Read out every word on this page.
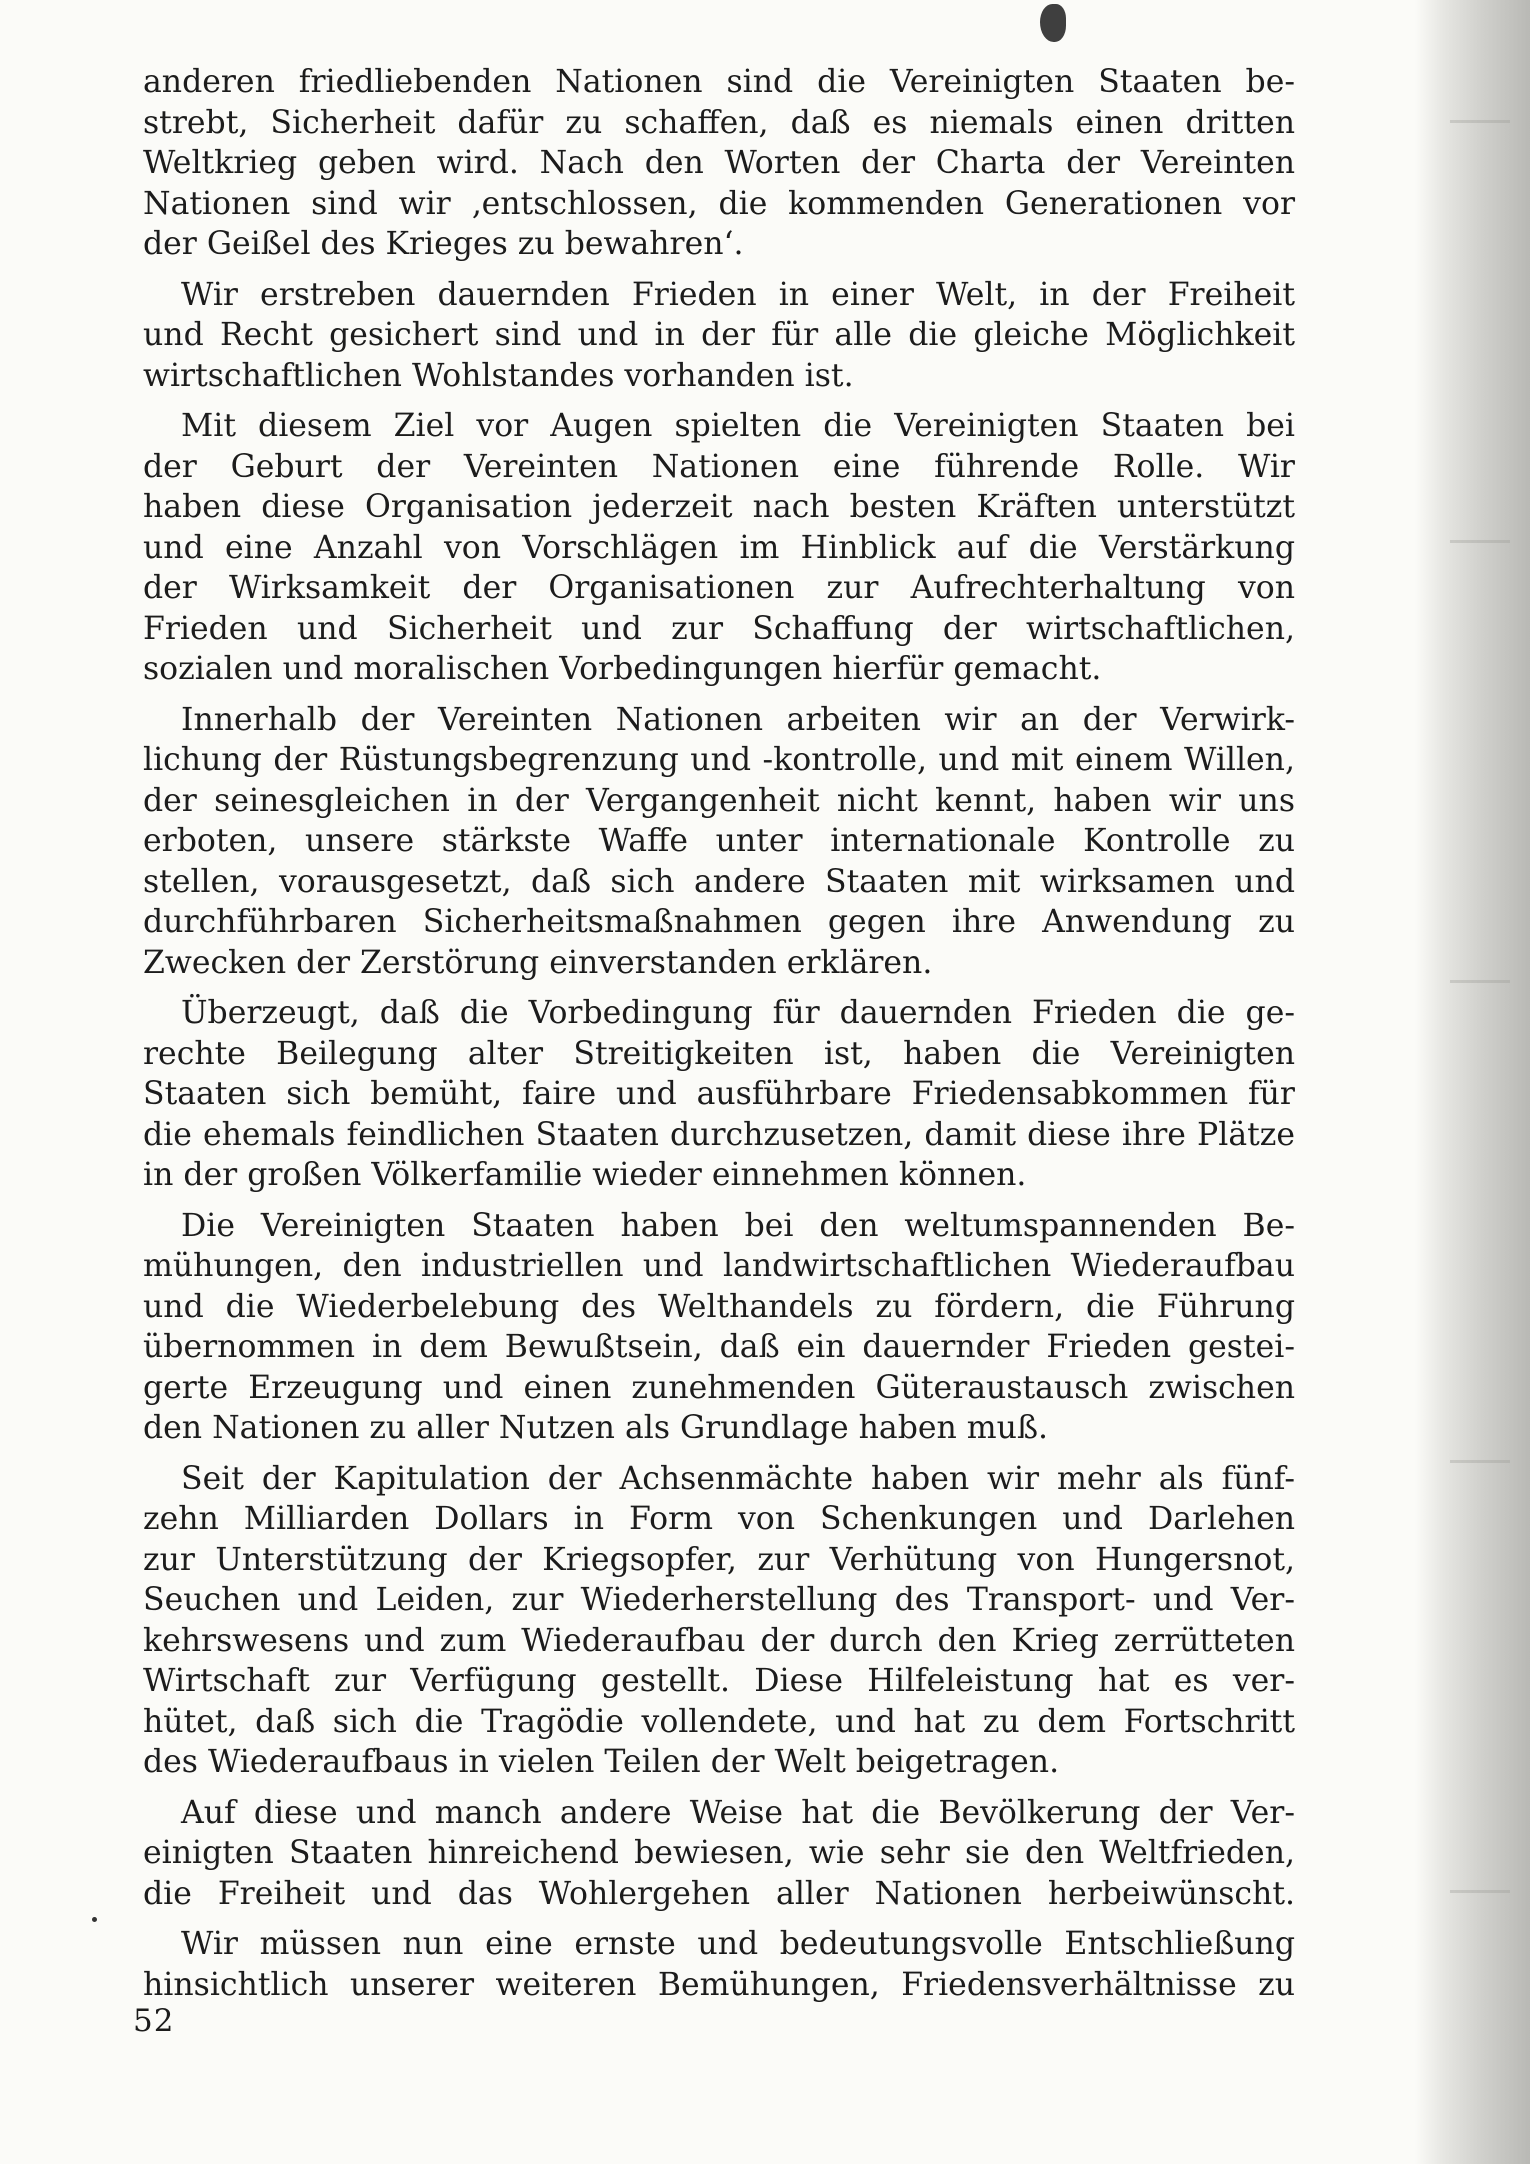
anderen friedliebenden Nationen sind die Vereinigten Staaten be-
strebt, Sicherheit dafür zu schaffen, daß es niemals einen dritten
Weltkrieg geben wird. Nach den Worten der Charta der Vereinten
Nationen sind wir ‚entschlossen, die kommenden Generationen vor
der Geißel des Krieges zu bewahren‘.

Wir erstreben dauernden Frieden in einer Welt, in der Freiheit
und Recht gesichert sind und in der für alle die gleiche Möglichkeit
wirtschaftlichen Wohlstandes vorhanden ist.

Mit diesem Ziel vor Augen spielten die Vereinigten Staaten bei
der Geburt der Vereinten Nationen eine führende Rolle. Wir
haben diese Organisation jederzeit nach besten Kräften unterstützt
und eine Anzahl von Vorschlägen im Hinblick auf die Verstärkung
der Wirksamkeit der Organisationen zur Aufrechterhaltung von
Frieden und Sicherheit und zur Schaffung der wirtschaftlichen,
sozialen und moralischen Vorbedingungen hierfür gemacht.

Innerhalb der Vereinten Nationen arbeiten wir an der Verwirk-
lichung der Rüstungsbegrenzung und -kontrolle, und mit einem Willen,
der seinesgleichen in der Vergangenheit nicht kennt, haben wir uns
erboten, unsere stärkste Waffe unter internationale Kontrolle zu
stellen, vorausgesetzt, daß sich andere Staaten mit wirksamen und
durchführbaren Sicherheitsmaßnahmen gegen ihre Anwendung zu
Zwecken der Zerstörung einverstanden erklären.

Überzeugt, daß die Vorbedingung für dauernden Frieden die ge-
rechte Beilegung alter Streitigkeiten ist, haben die Vereinigten
Staaten sich bemüht, faire und ausführbare Friedensabkommen für
die ehemals feindlichen Staaten durchzusetzen, damit diese ihre Plätze
in der großen Völkerfamilie wieder einnehmen können.

Die Vereinigten Staaten haben bei den weltumspannenden Be-
mühungen, den industriellen und landwirtschaftlichen Wiederaufbau
und die Wiederbelebung des Welthandels zu fördern, die Führung
übernommen in dem Bewußtsein, daß ein dauernder Frieden gestei-
gerte Erzeugung und einen zunehmenden Güteraustausch zwischen
den Nationen zu aller Nutzen als Grundlage haben muß.

Seit der Kapitulation der Achsenmächte haben wir mehr als fünf-
zehn Milliarden Dollars in Form von Schenkungen und Darlehen
zur Unterstützung der Kriegsopfer, zur Verhütung von Hungersnot,
Seuchen und Leiden, zur Wiederherstellung des Transport- und Ver-
kehrswesens und zum Wiederaufbau der durch den Krieg zerrütteten
Wirtschaft zur Verfügung gestellt. Diese Hilfeleistung hat es ver-
hütet, daß sich die Tragödie vollendete, und hat zu dem Fortschritt
des Wiederaufbaus in vielen Teilen der Welt beigetragen.

Auf diese und manch andere Weise hat die Bevölkerung der Ver-
einigten Staaten hinreichend bewiesen, wie sehr sie den Weltfrieden,
die Freiheit und das Wohlergehen aller Nationen herbeiwünscht.

Wir müssen nun eine ernste und bedeutungsvolle Entschließung
hinsichtlich unserer weiteren Bemühungen, Friedensverhältnisse zu

52
